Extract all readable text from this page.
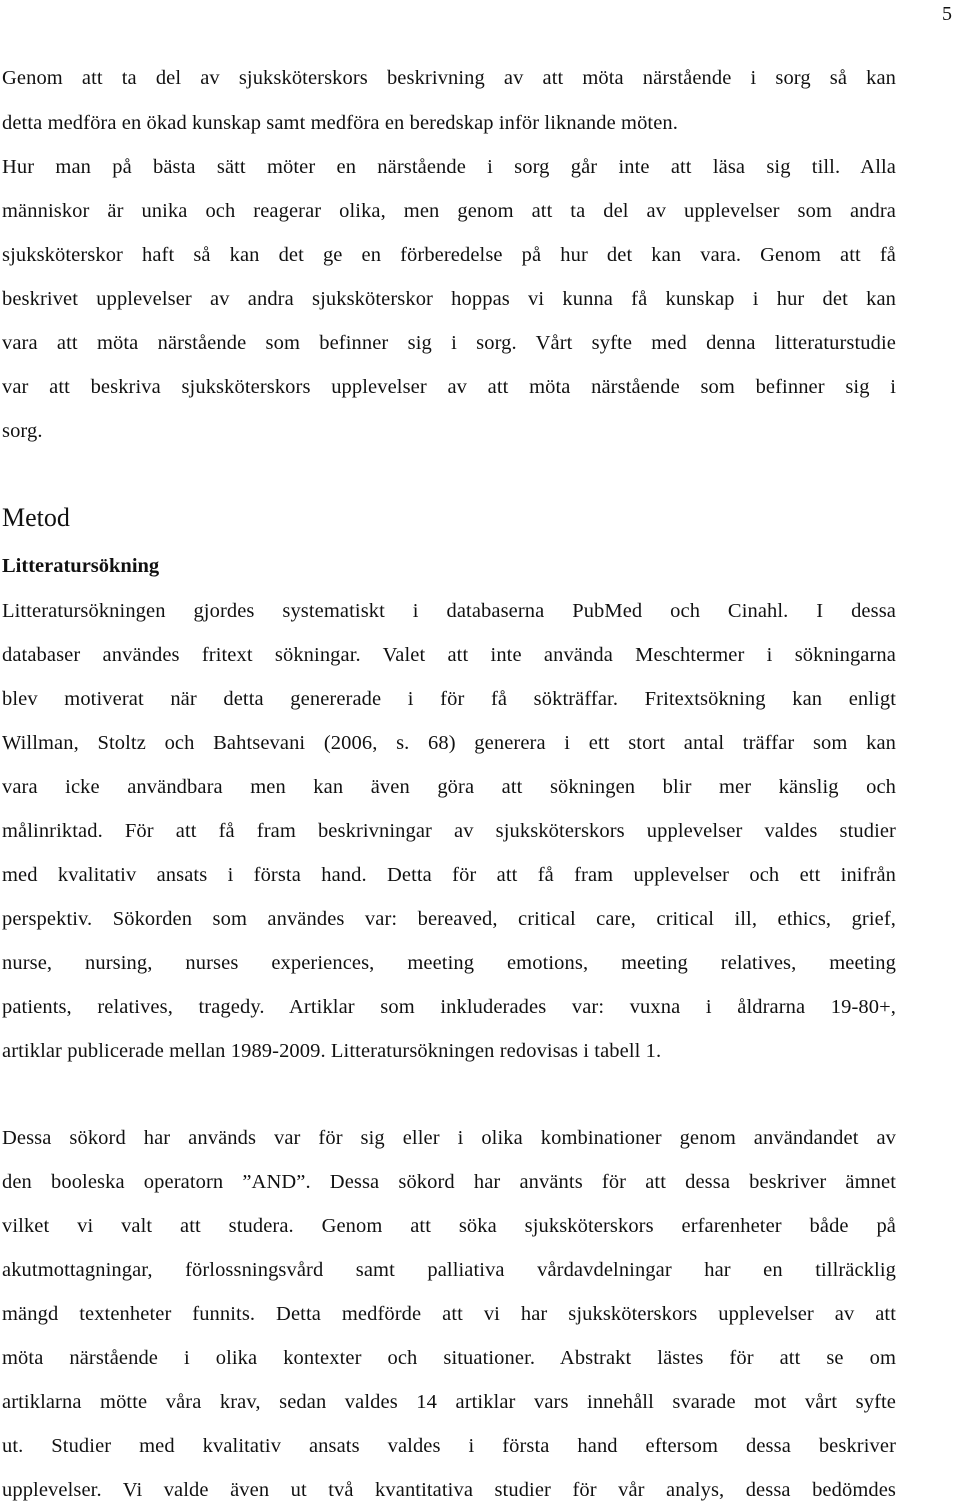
5
Genom att ta del av sjuksköterskors beskrivning av att möta närstående i sorg så kan
detta medföra en ökad kunskap samt medföra en beredskap inför liknande möten.
Hur man på bästa sätt möter en närstående i sorg går inte att läsa sig till. Alla
människor är unika och reagerar olika, men genom att ta del av upplevelser som andra
sjuksköterskor haft så kan det ge en förberedelse på hur det kan vara. Genom att få
beskrivet upplevelser av andra sjuksköterskor hoppas vi kunna få kunskap i hur det kan
vara att möta närstående som befinner sig i sorg. Vårt syfte med denna litteraturstudie
var att beskriva sjuksköterskors upplevelser av att möta närstående som befinner sig i
sorg.
Metod
Litteratursökning
Litteratursökningen gjordes systematiskt i databaserna PubMed och Cinahl. I dessa
databaser användes fritext sökningar. Valet att inte använda Meschtermer i sökningarna
blev motiverat när detta genererade i för få sökträffar. Fritextsökning kan enligt
Willman, Stoltz och Bahtsevani (2006, s. 68) generera i ett stort antal träffar som kan
vara icke användbara men kan även göra att sökningen blir mer känslig och
målinriktad. För att få fram beskrivningar av sjuksköterskors upplevelser valdes studier
med kvalitativ ansats i första hand. Detta för att få fram upplevelser och ett inifrån
perspektiv. Sökorden som användes var: bereaved, critical care, critical ill, ethics, grief,
nurse, nursing, nurses experiences, meeting emotions, meeting relatives, meeting
patients, relatives, tragedy. Artiklar som inkluderades var: vuxna i åldrarna 19-80+,
artiklar publicerade mellan 1989-2009. Litteratursökningen redovisas i tabell 1.
Dessa sökord har används var för sig eller i olika kombinationer genom användandet av
den booleska operatorn ”AND”. Dessa sökord har använts för att dessa beskriver ämnet
vilket vi valt att studera. Genom att söka sjuksköterskors erfarenheter både på
akutmottagningar, förlossningsvård samt palliativa vårdavdelningar har en tillräcklig
mängd textenheter funnits. Detta medförde att vi har sjuksköterskors upplevelser av att
möta närstående i olika kontexter och situationer. Abstrakt lästes för att se om
artiklarna mötte våra krav, sedan valdes 14 artiklar vars innehåll svarade mot vårt syfte
ut. Studier med kvalitativ ansats valdes i första hand eftersom dessa beskriver
upplevelser. Vi valde även ut två kvantitativa studier för vår analys, dessa bedömdes
